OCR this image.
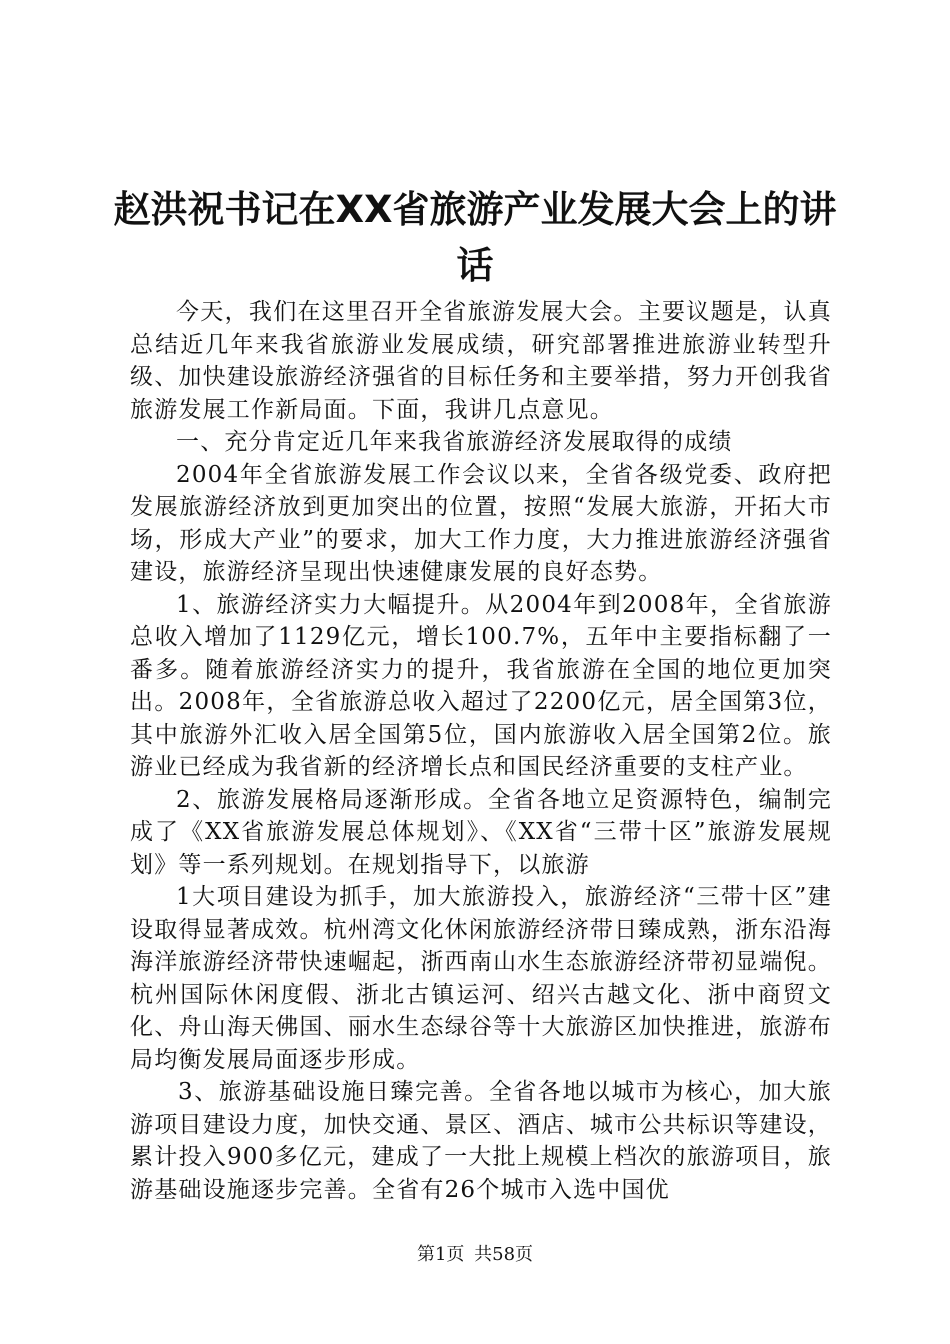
赵洪祝书记在XX省旅游产业发展大会上的讲话

今天，我们在这里召开全省旅游发展大会。主要议题是，认真总结近几年来我省旅游业发展成绩，研究部署推进旅游业转型升级、加快建设旅游经济强省的目标任务和主要举措，努力开创我省旅游发展工作新局面。下面，我讲几点意见。

一、充分肯定近几年来我省旅游经济发展取得的成绩

2004年全省旅游发展工作会议以来，全省各级党委、政府把发展旅游经济放到更加突出的位置，按照“发展大旅游，开拓大市场，形成大产业”的要求，加大工作力度，大力推进旅游经济强省建设，旅游经济呈现出快速健康发展的良好态势。

1、旅游经济实力大幅提升。从2004年到2008年，全省旅游总收入增加了1129亿元，增长100.7%，五年中主要指标翻了一番多。随着旅游经济实力的提升，我省旅游在全国的地位更加突出。2008年，全省旅游总收入超过了2200亿元，居全国第3位，其中旅游外汇收入居全国第5位，国内旅游收入居全国第2位。旅游业已经成为我省新的经济增长点和国民经济重要的支柱产业。

2、旅游发展格局逐渐形成。全省各地立足资源特色，编制完成了《XX省旅游发展总体规划》、《XX省“三带十区”旅游发展规划》等一系列规划。在规划指导下，以旅游

1大项目建设为抓手，加大旅游投入，旅游经济“三带十区”建设取得显著成效。杭州湾文化休闲旅游经济带日臻成熟，浙东沿海海洋旅游经济带快速崛起，浙西南山水生态旅游经济带初显端倪。杭州国际休闲度假、浙北古镇运河、绍兴古越文化、浙中商贸文化、舟山海天佛国、丽水生态绿谷等十大旅游区加快推进，旅游布局均衡发展局面逐步形成。

3、旅游基础设施日臻完善。全省各地以城市为核心，加大旅游项目建设力度，加快交通、景区、酒店、城市公共标识等建设，累计投入900多亿元，建成了一大批上规模上档次的旅游项目，旅游基础设施逐步完善。全省有26个城市入选中国优

第1页 共58页
